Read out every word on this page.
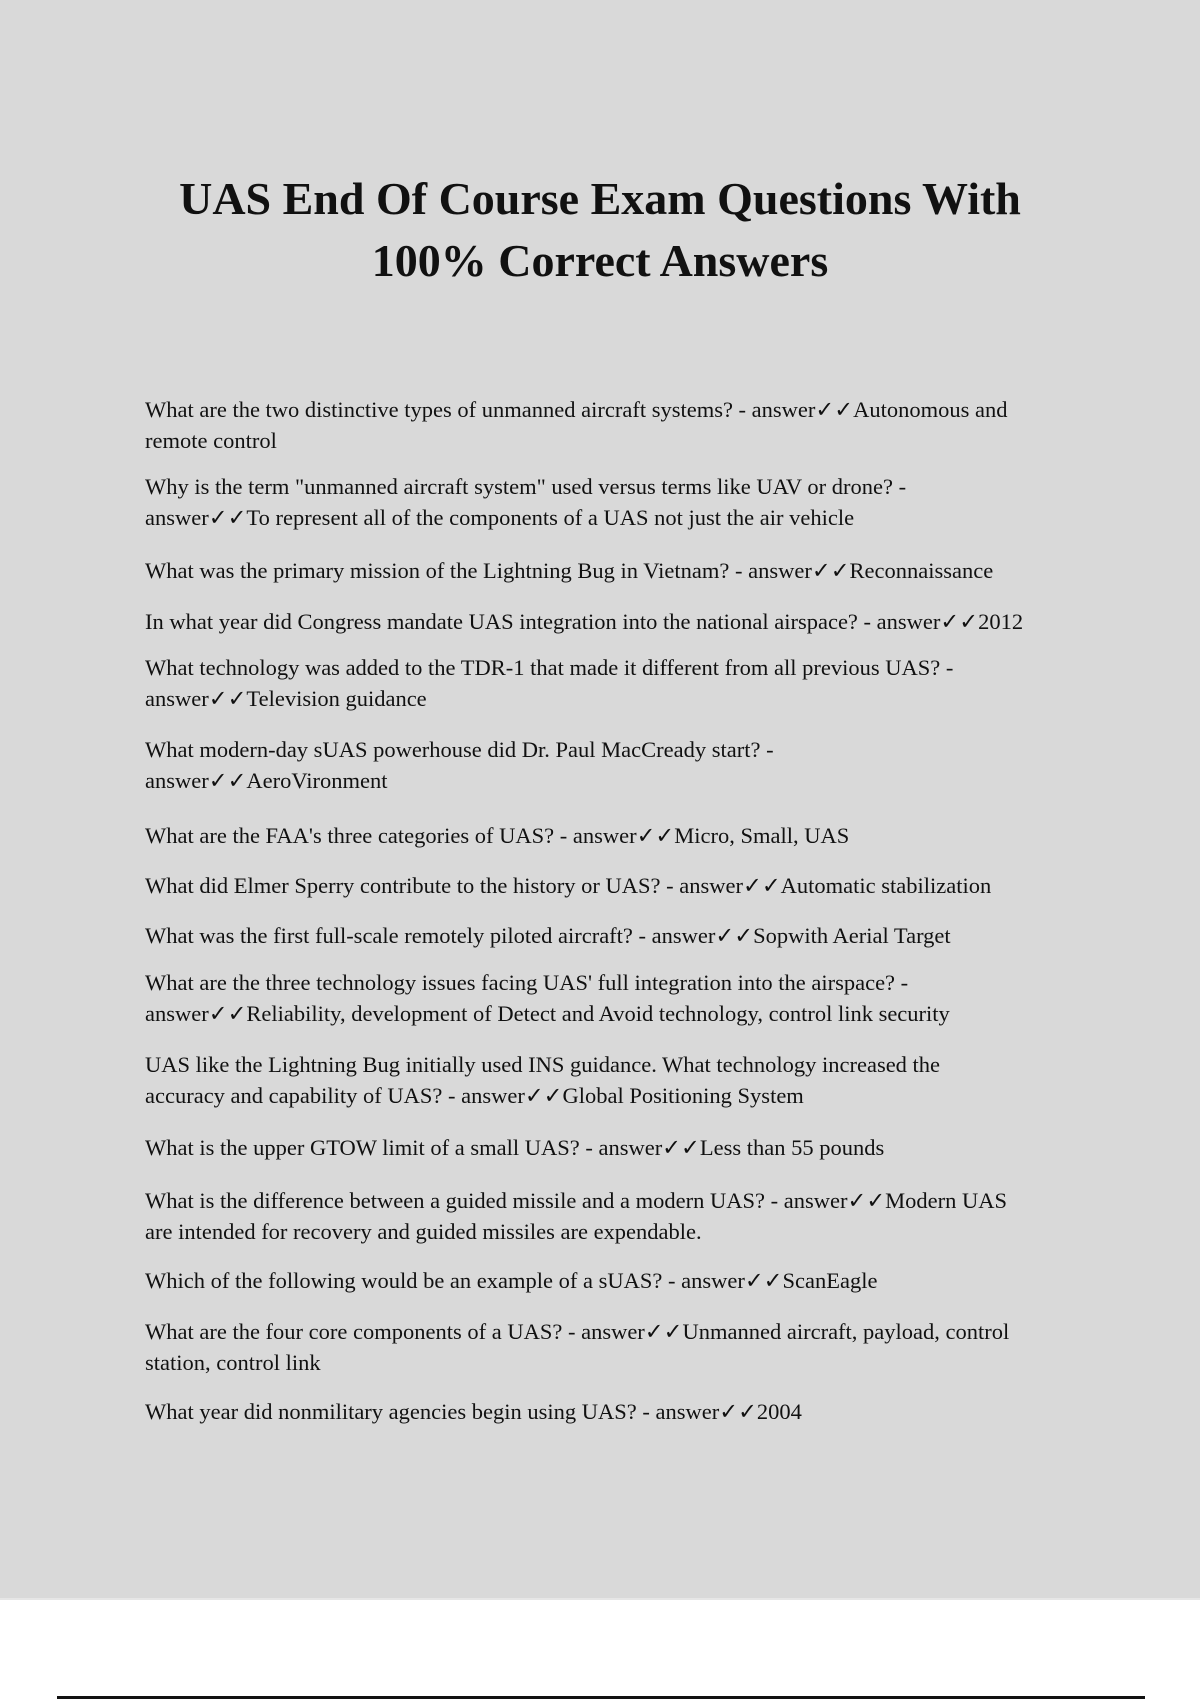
UAS End Of Course Exam Questions With
100% Correct Answers
What are the two distinctive types of unmanned aircraft systems? - answer✓✓Autonomous and
remote control
Why is the term "unmanned aircraft system" used versus terms like UAV or drone? -
answer✓✓To represent all of the components of a UAS not just the air vehicle
What was the primary mission of the Lightning Bug in Vietnam? - answer✓✓Reconnaissance
In what year did Congress mandate UAS integration into the national airspace? - answer✓✓2012
What technology was added to the TDR-1 that made it different from all previous UAS? -
answer✓✓Television guidance
What modern-day sUAS powerhouse did Dr. Paul MacCready start? -
answer✓✓AeroVironment
What are the FAA's three categories of UAS? - answer✓✓Micro, Small, UAS
What did Elmer Sperry contribute to the history or UAS? - answer✓✓Automatic stabilization
What was the first full-scale remotely piloted aircraft? - answer✓✓Sopwith Aerial Target
What are the three technology issues facing UAS' full integration into the airspace? -
answer✓✓Reliability, development of Detect and Avoid technology, control link security
UAS like the Lightning Bug initially used INS guidance. What technology increased the
accuracy and capability of UAS? - answer✓✓Global Positioning System
What is the upper GTOW limit of a small UAS? - answer✓✓Less than 55 pounds
What is the difference between a guided missile and a modern UAS? - answer✓✓Modern UAS
are intended for recovery and guided missiles are expendable.
Which of the following would be an example of a sUAS? - answer✓✓ScanEagle
What are the four core components of a UAS? - answer✓✓Unmanned aircraft, payload, control
station, control link
What year did nonmilitary agencies begin using UAS? - answer✓✓2004
